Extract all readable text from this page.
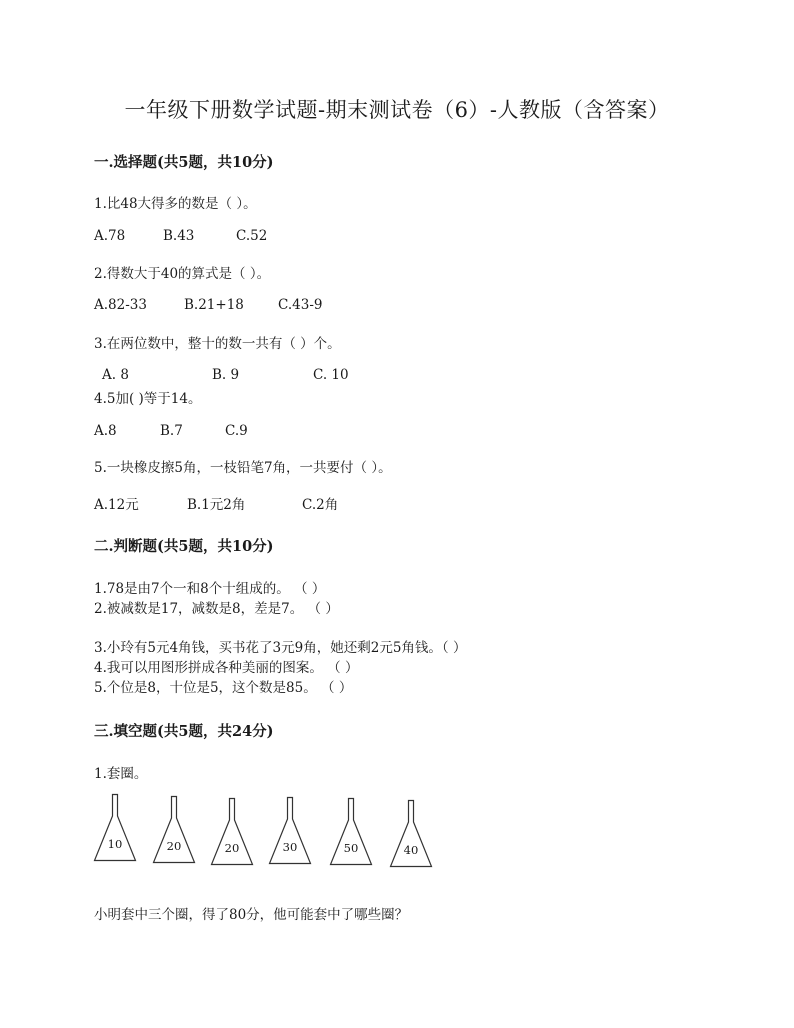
一年级下册数学试题-期末测试卷（6）-人教版（含答案）
一.选择题(共5题，共10分)
1.比48大得多的数是（ ）。
A.78	B.43	C.52
2.得数大于40的算式是（ ）。
A.82-33	B.21+18	C.43-9
3.在两位数中，整十的数一共有（ ）个。
A. 8	B. 9	C. 10
4.5加( )等于14。
A.8	B.7	C.9
5.一块橡皮擦5角，一枝铅笔7角，一共要付（ ）。
A.12元	B.1元2角	C.2角
二.判断题(共5题，共10分)
1.78是由7个一和8个十组成的。 （ ）
2.被减数是17，减数是8，差是7。 （ ）
3.小玲有5元4角钱，买书花了3元9角，她还剩2元5角钱。（ ）
4.我可以用图形拼成各种美丽的图案。 （ ）
5.个位是8，十位是5，这个数是85。 （ ）
三.填空题(共5题，共24分)
1.套圈。
10	20	20	30	50	40
小明套中三个圈，得了80分，他可能套中了哪些圈？
